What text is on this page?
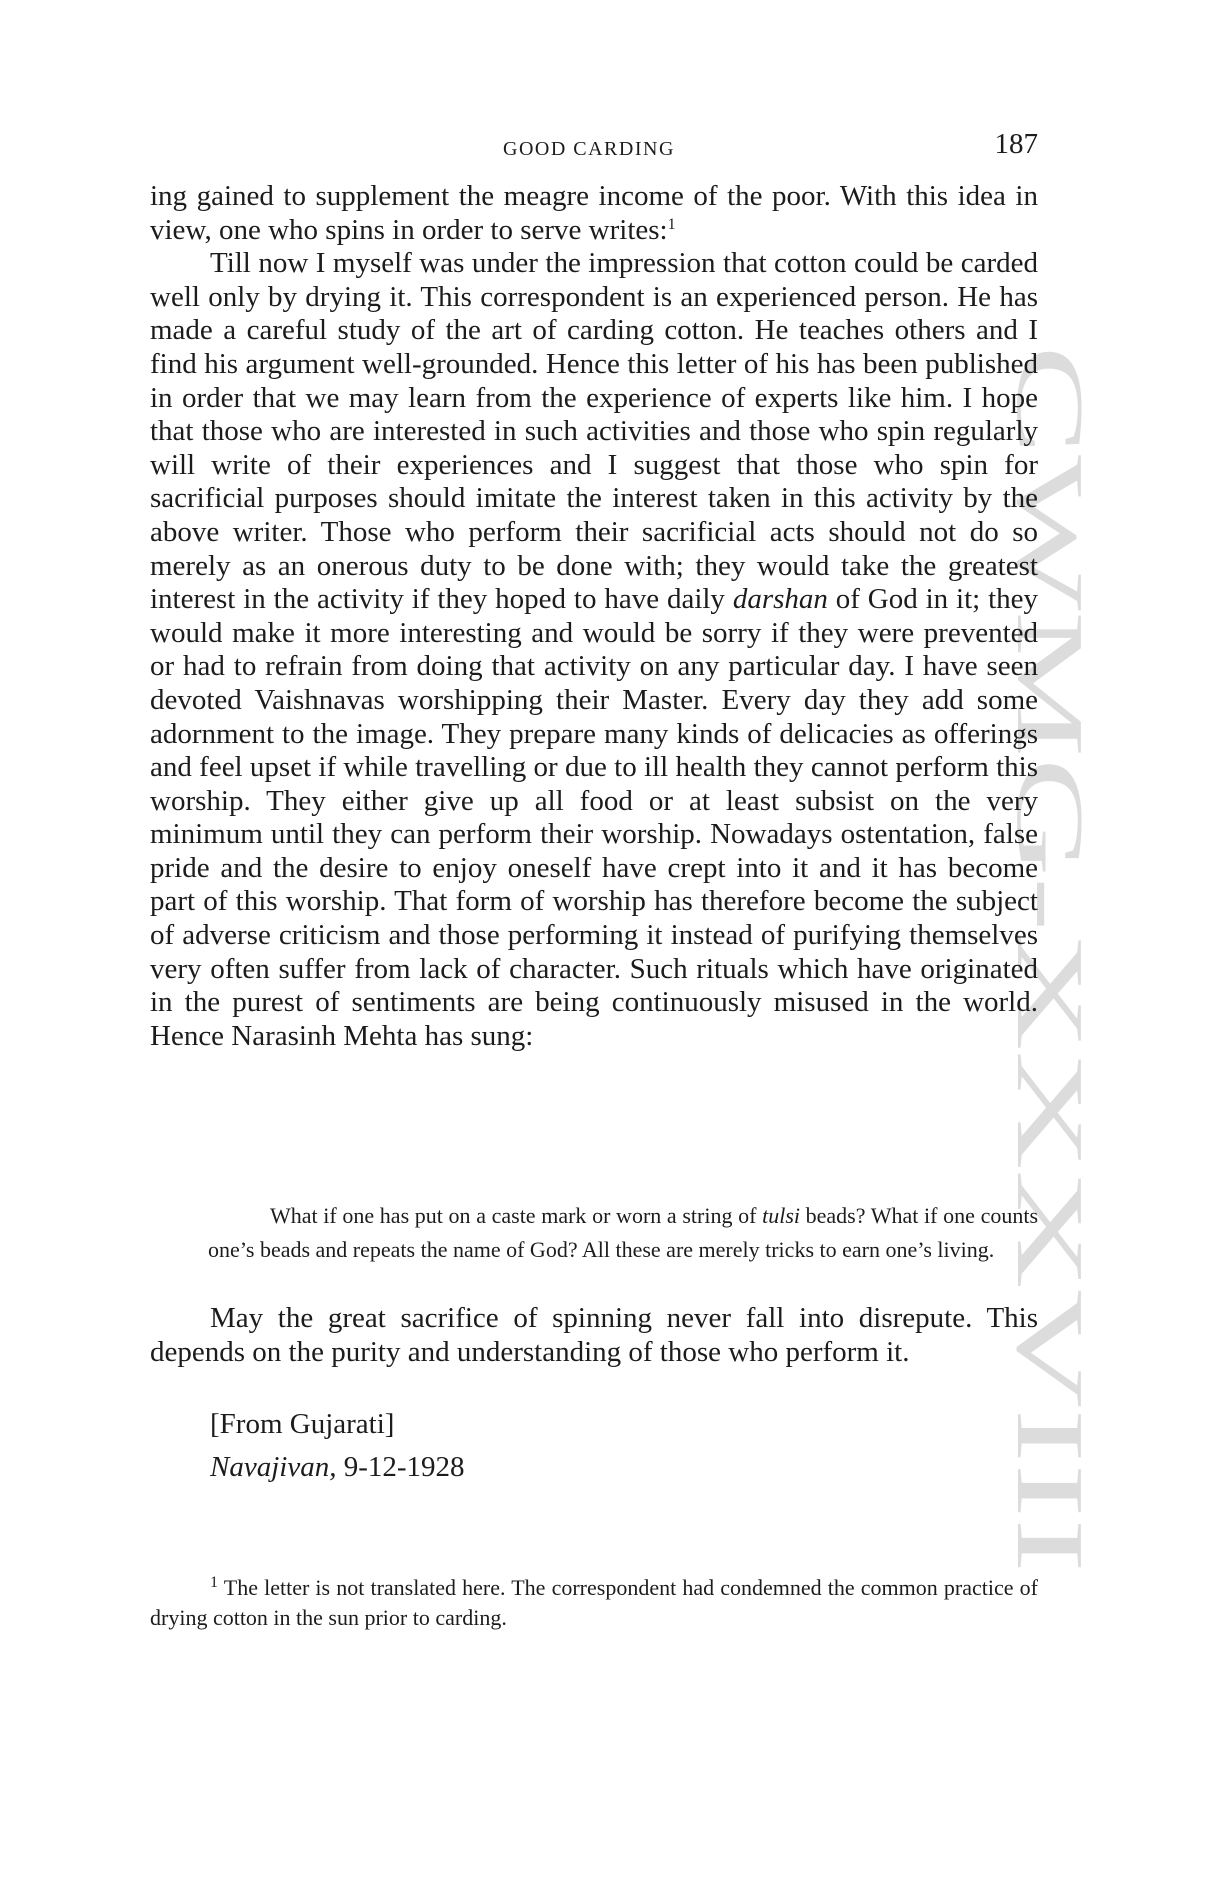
CWMG-XXXVIII
GOOD CARDING	187

ing gained to supplement the meagre income of the poor. With this idea in view, one who spins in order to serve writes:$^1$

Till now I myself was under the impression that cotton could be carded well only by drying it. This correspondent is an experienced person. He has made a careful study of the art of carding cotton. He teaches others and I find his argument well-grounded. Hence this letter of his has been published in order that we may learn from the experience of experts like him. I hope that those who are interested in such activities and those who spin regularly will write of their experiences and I suggest that those who spin for sacrificial purposes should imitate the interest taken in this activity by the above writer. Those who perform their sacrificial acts should not do so merely as an onerous duty to be done with; they would take the greatest interest in the activity if they hoped to have daily darshan of God in it; they would make it more interesting and would be sorry if they were prevented or had to refrain from doing that activity on any particular day. I have seen devoted Vaishnavas worshipping their Master. Every day they add some adornment to the image. They prepare many kinds of delicacies as offerings and feel upset if while travelling or due to ill health they cannot perform this worship. They either give up all food or at least subsist on the very minimum until they can perform their worship. Nowadays ostentation, false pride and the desire to enjoy oneself have crept into it and it has become part of this worship. That form of worship has therefore become the subject of adverse criticism and those performing it instead of purifying themselves very often suffer from lack of character. Such rituals which have originated in the purest of sentiments are being continuously misused in the world. Hence Narasinh Mehta has sung:

What if one has put on a caste mark or worn a string of tulsi beads? What if one counts one’s beads and repeats the name of God? All these are merely tricks to earn one’s living.

May the great sacrifice of spinning never fall into disrepute. This depends on the purity and understanding of those who perform it.

[From Gujarati]
Navajivan, 9-12-1928

$^1$ The letter is not translated here. The correspondent had condemned the common practice of drying cotton in the sun prior to carding.
